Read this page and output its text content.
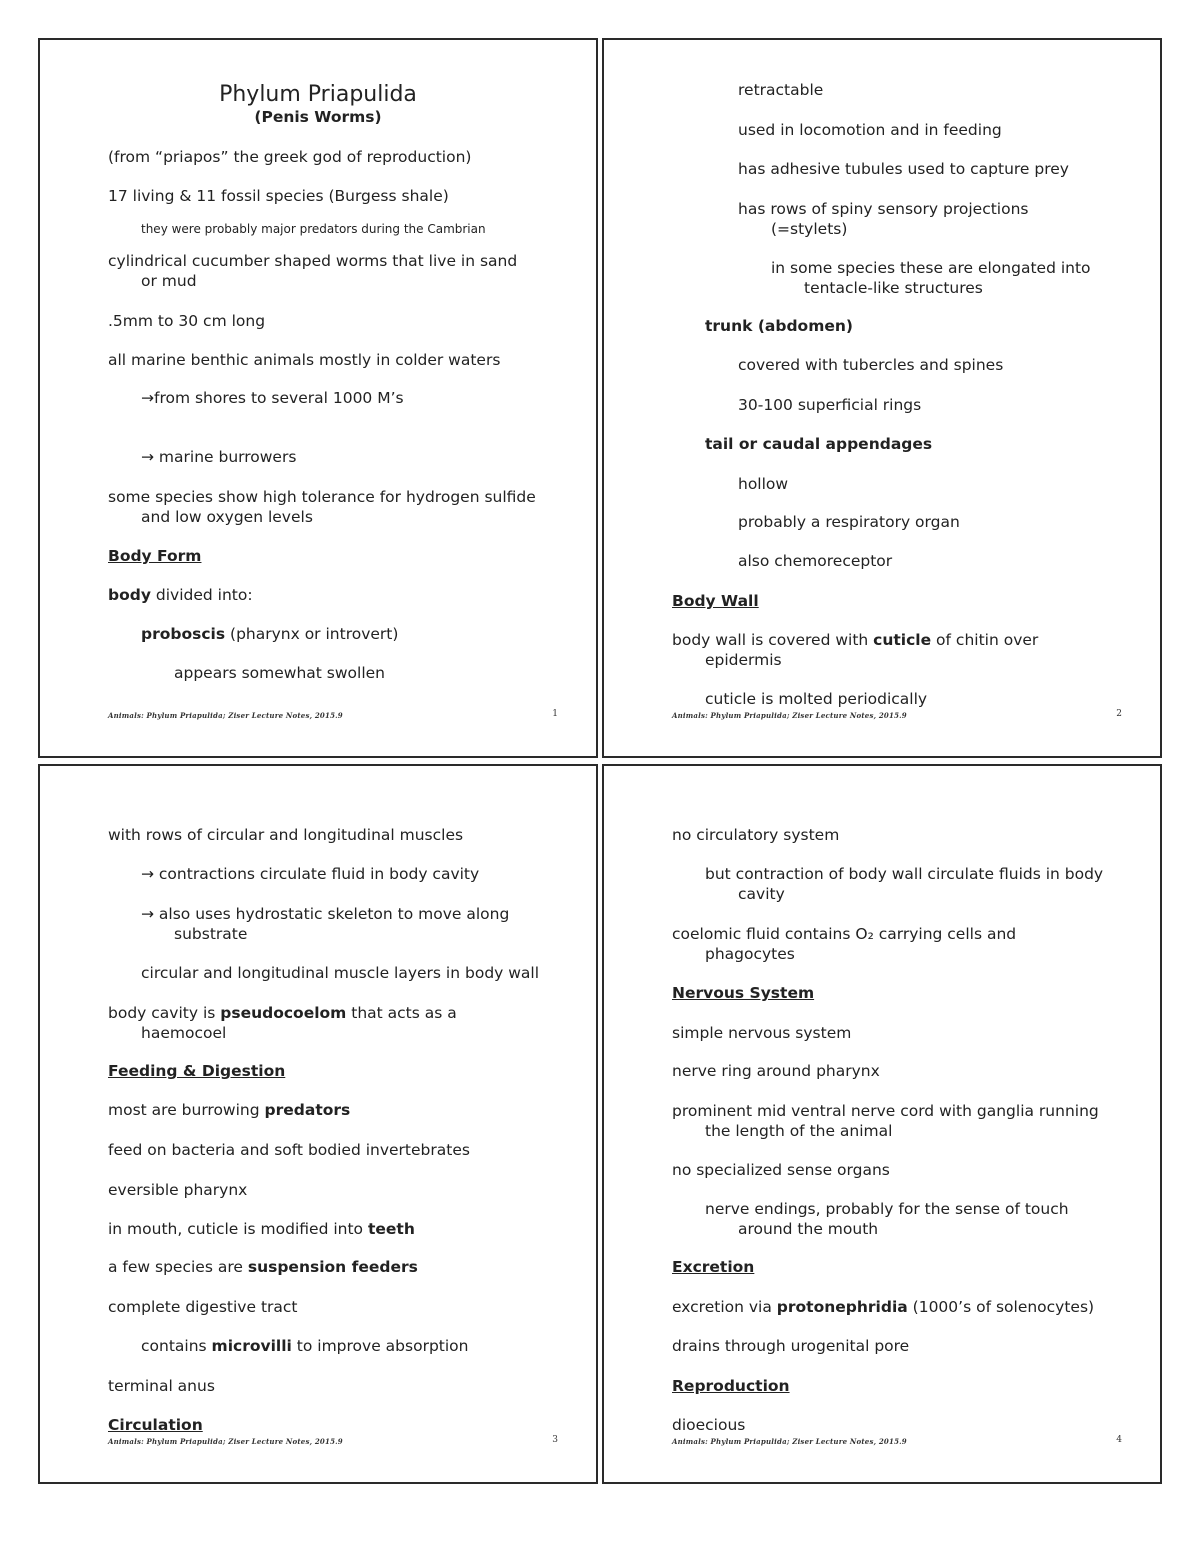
Phylum Priapulida
(Penis Worms)
(from “priapos” the greek god of reproduction)
17 living & 11 fossil species (Burgess shale)
they were probably major predators during the Cambrian
cylindrical cucumber shaped worms that live in sand
or mud
.5mm to 30 cm long
all marine benthic animals mostly in colder waters
→from shores to several 1000 M’s
→ marine burrowers
some species show high tolerance for hydrogen sulfide
and low oxygen levels
Body Form
body divided into:
proboscis (pharynx or introvert)
appears somewhat swollen
Animals: Phylum Priapulida; Ziser Lecture Notes, 2015.9	1
retractable
used in locomotion and in feeding
has adhesive tubules used to capture prey
has rows of spiny sensory projections
(=stylets)
in some species these are elongated into
tentacle-like structures
trunk (abdomen)
covered with tubercles and spines
30-100 superficial rings
tail or caudal appendages
hollow
probably a respiratory organ
also chemoreceptor
Body Wall
body wall is covered with cuticle of chitin over
epidermis
cuticle is molted periodically
Animals: Phylum Priapulida; Ziser Lecture Notes, 2015.9	2
with rows of circular and longitudinal muscles
→ contractions circulate fluid in body cavity
→ also uses hydrostatic skeleton to move along
substrate
circular and longitudinal muscle layers in body wall
body cavity is pseudocoelom that acts as a
haemocoel
Feeding & Digestion
most are burrowing predators
feed on bacteria and soft bodied invertebrates
eversible pharynx
in mouth, cuticle is modified into teeth
a few species are suspension feeders
complete digestive tract
contains microvilli to improve absorption
terminal anus
Circulation
Animals: Phylum Priapulida; Ziser Lecture Notes, 2015.9	3
no circulatory system
but contraction of body wall circulate fluids in body
cavity
coelomic fluid contains O₂ carrying cells and
phagocytes
Nervous System
simple nervous system
nerve ring around pharynx
prominent mid ventral nerve cord with ganglia running
the length of the animal
no specialized sense organs
nerve endings, probably for the sense of touch
around the mouth
Excretion
excretion via protonephridia (1000’s of solenocytes)
drains through urogenital pore
Reproduction
dioecious
Animals: Phylum Priapulida; Ziser Lecture Notes, 2015.9	4
